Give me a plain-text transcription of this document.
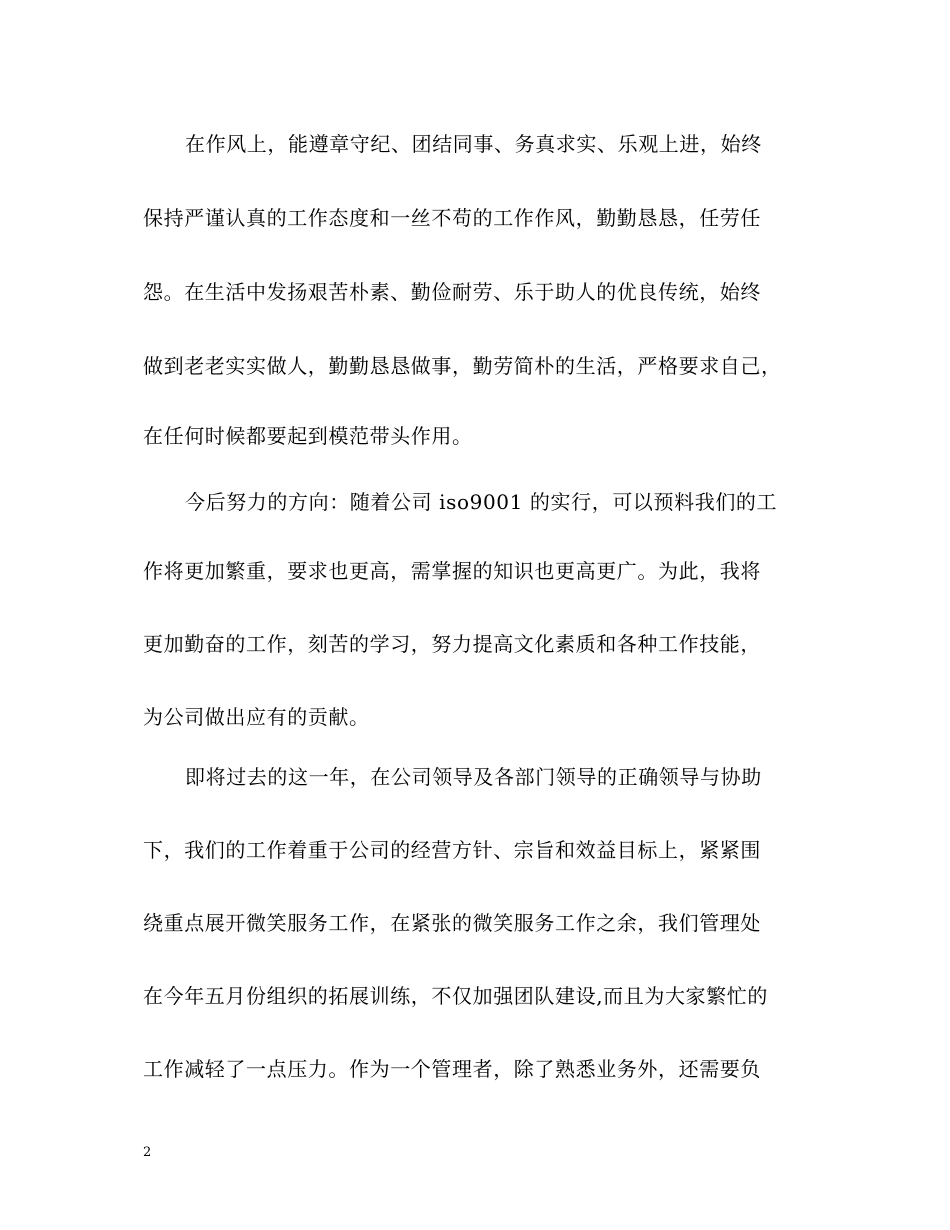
在作风上，能遵章守纪、团结同事、务真求实、乐观上进，始终
保持严谨认真的工作态度和一丝不苟的工作作风，勤勤恳恳，任劳任
怨。在生活中发扬艰苦朴素、勤俭耐劳、乐于助人的优良传统，始终
做到老老实实做人，勤勤恳恳做事，勤劳简朴的生活，严格要求自己，
在任何时候都要起到模范带头作用。
今后努力的方向：随着公司 iso9001 的实行，可以预料我们的工
作将更加繁重，要求也更高，需掌握的知识也更高更广。为此，我将
更加勤奋的工作，刻苦的学习，努力提高文化素质和各种工作技能，
为公司做出应有的贡献。
即将过去的这一年，在公司领导及各部门领导的正确领导与协助
下，我们的工作着重于公司的经营方针、宗旨和效益目标上，紧紧围
绕重点展开微笑服务工作，在紧张的微笑服务工作之余，我们管理处
在今年五月份组织的拓展训练，不仅加强团队建设,而且为大家繁忙的
工作减轻了一点压力。作为一个管理者，除了熟悉业务外，还需要负
2
